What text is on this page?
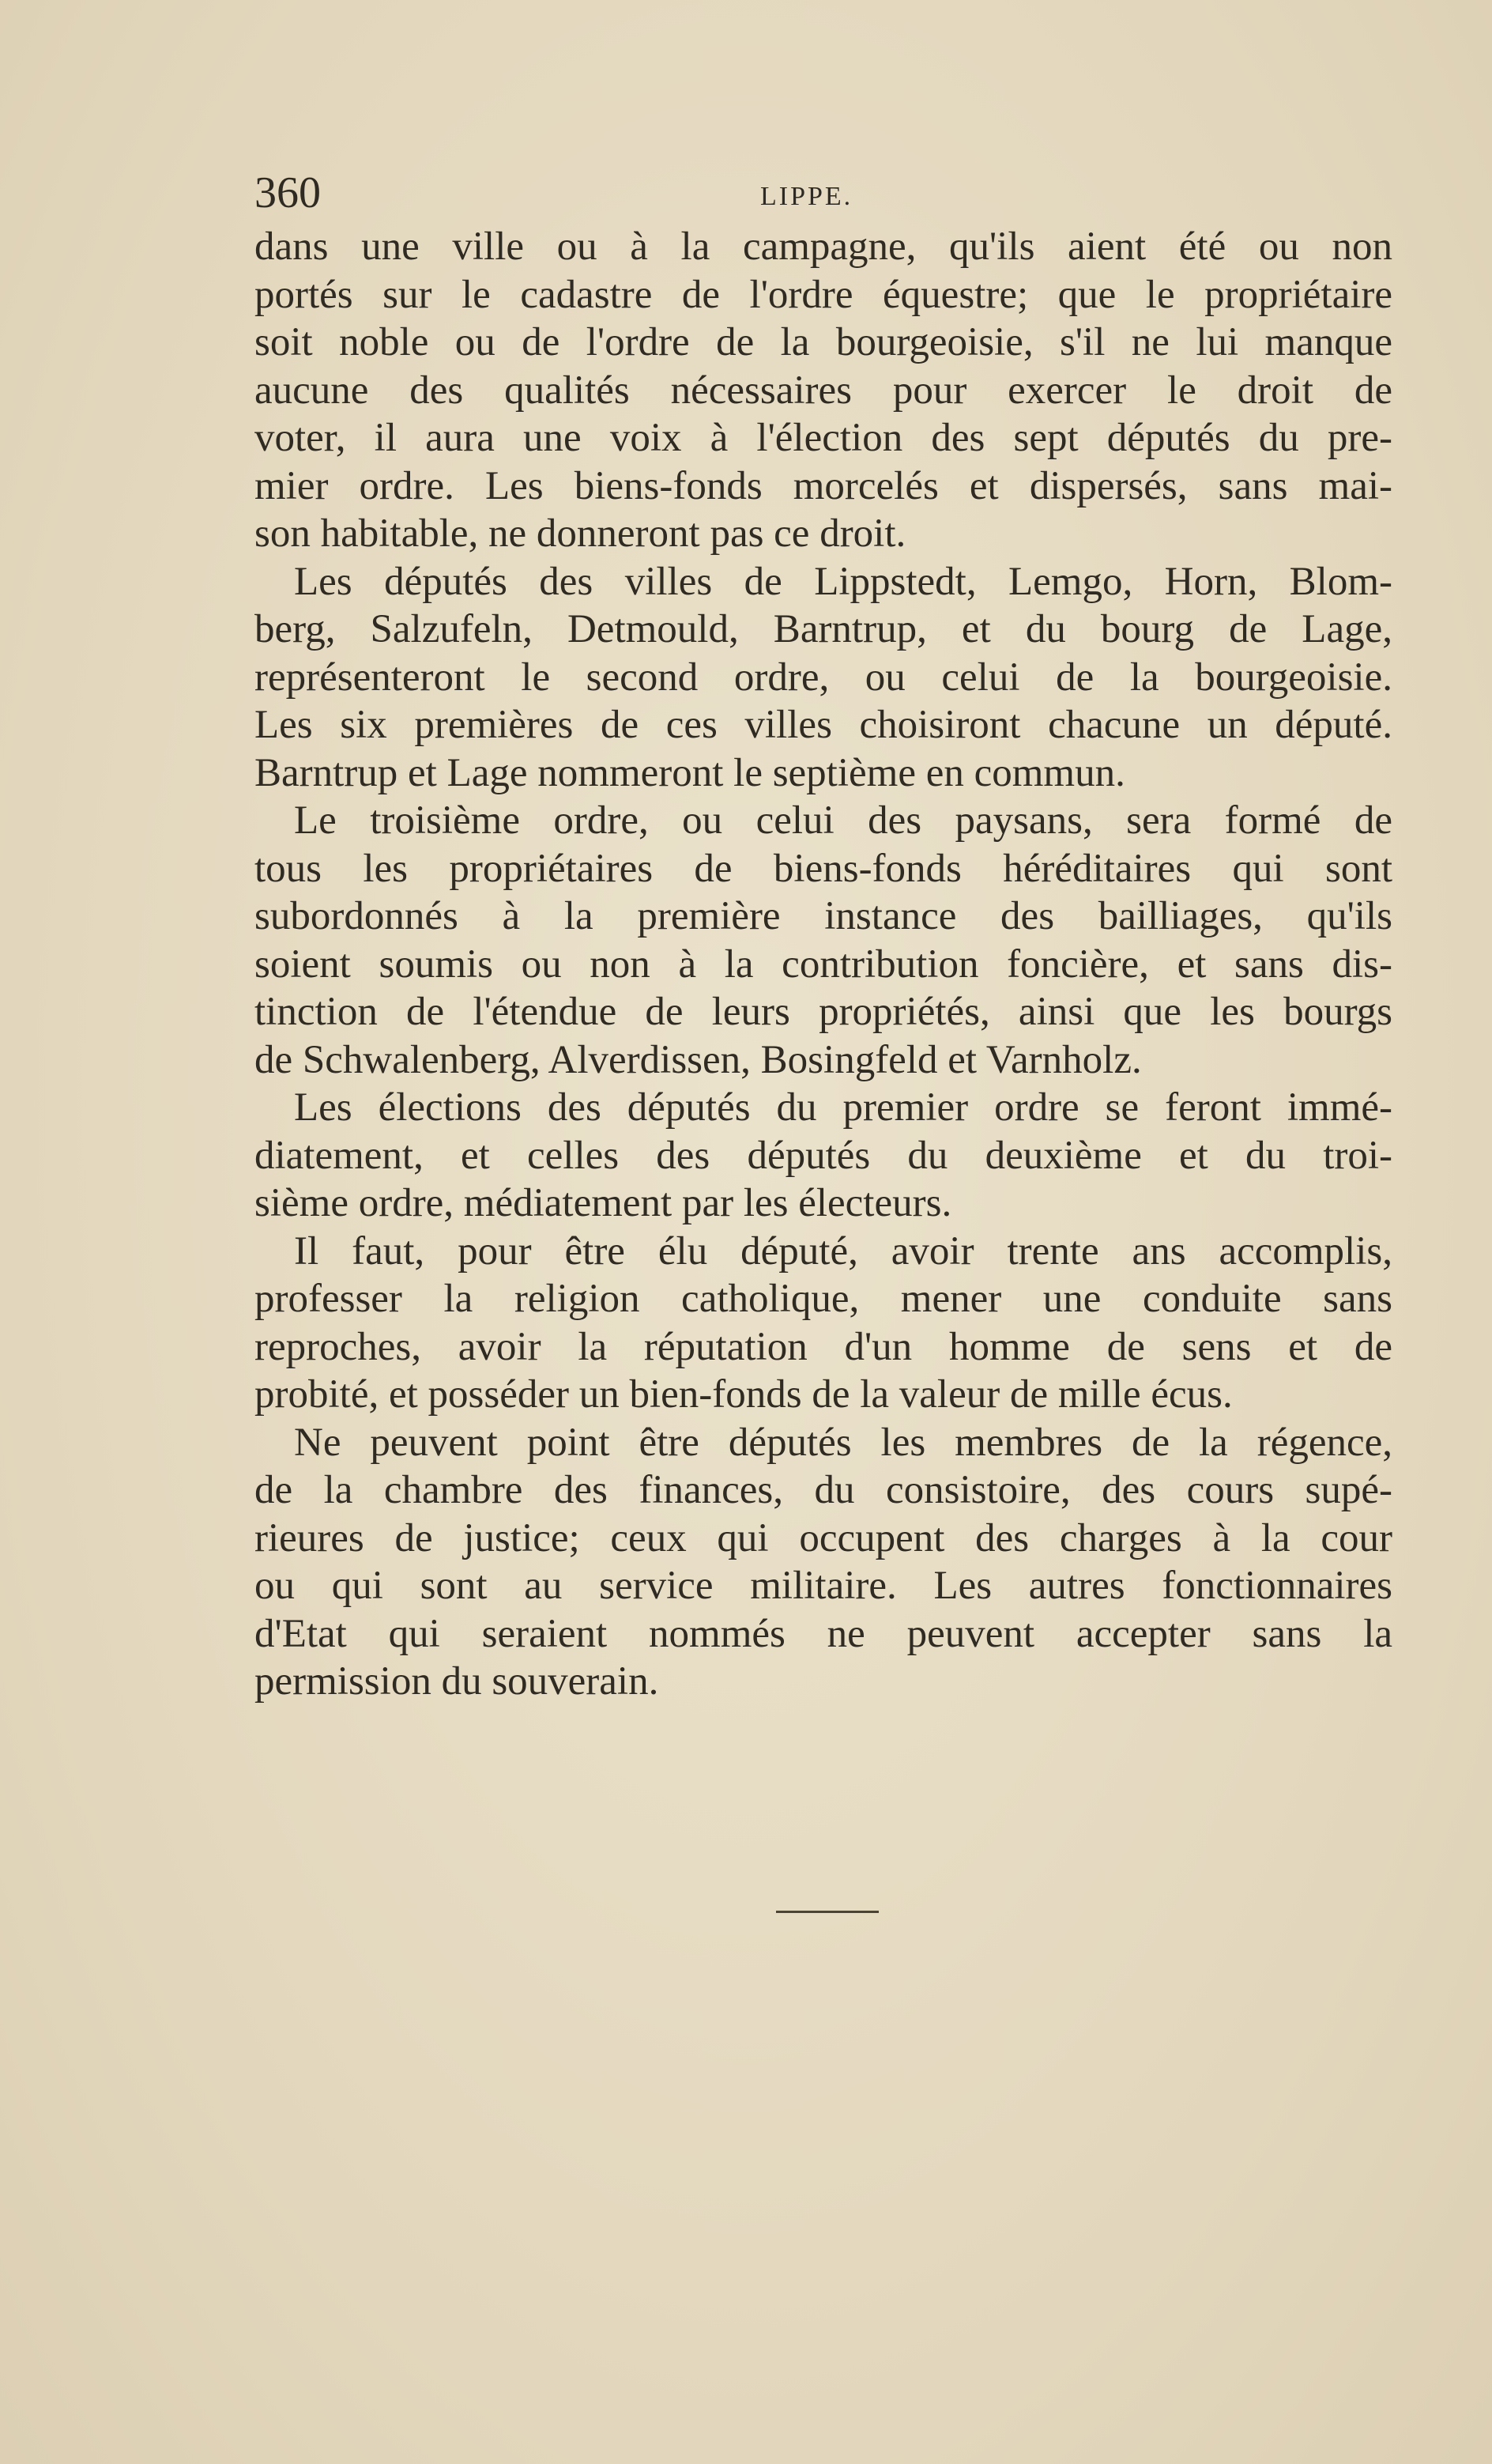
360	LIPPE.
dans une ville ou à la campagne, qu'ils aient été ou non
portés sur le cadastre de l'ordre équestre; que le propriétaire
soit noble ou de l'ordre de la bourgeoisie, s'il ne lui manque
aucune des qualités nécessaires pour exercer le droit de
voter, il aura une voix à l'élection des sept députés du pre-
mier ordre. Les biens-fonds morcelés et dispersés, sans mai-
son habitable, ne donneront pas ce droit.
Les députés des villes de Lippstedt, Lemgo, Horn, Blom-
berg, Salzufeln, Detmould, Barntrup, et du bourg de Lage,
représenteront le second ordre, ou celui de la bourgeoisie.
Les six premières de ces villes choisiront chacune un député.
Barntrup et Lage nommeront le septième en commun.
Le troisième ordre, ou celui des paysans, sera formé de
tous les propriétaires de biens-fonds héréditaires qui sont
subordonnés à la première instance des bailliages, qu'ils
soient soumis ou non à la contribution foncière, et sans dis-
tinction de l'étendue de leurs propriétés, ainsi que les bourgs
de Schwalenberg, Alverdissen, Bosingfeld et Varnholz.
Les élections des députés du premier ordre se feront immé-
diatement, et celles des députés du deuxième et du troi-
sième ordre, médiatement par les électeurs.
Il faut, pour être élu député, avoir trente ans accomplis,
professer la religion catholique, mener une conduite sans
reproches, avoir la réputation d'un homme de sens et de
probité, et posséder un bien-fonds de la valeur de mille écus.
Ne peuvent point être députés les membres de la régence,
de la chambre des finances, du consistoire, des cours supé-
rieures de justice; ceux qui occupent des charges à la cour
ou qui sont au service militaire. Les autres fonctionnaires
d'Etat qui seraient nommés ne peuvent accepter sans la
permission du souverain.
